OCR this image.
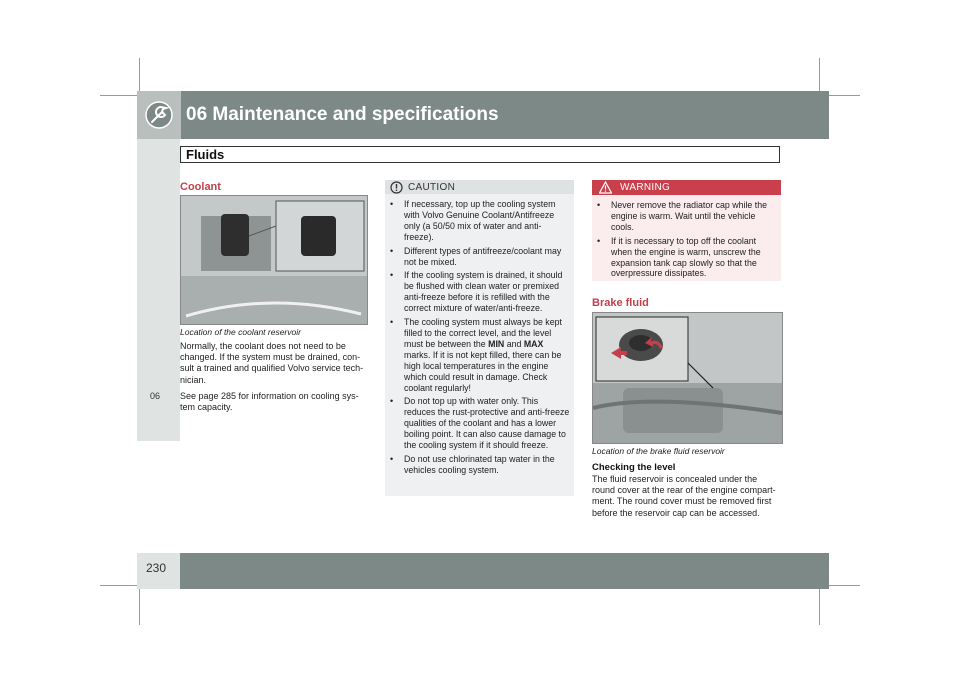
06 Maintenance and specifications
Fluids
06
Coolant
Location of the coolant reservoir
Normally, the coolant does not need to be changed. If the system must be drained, con-sult a trained and qualified Volvo service tech-nician.
See page 285 for information on cooling sys-tem capacity.
CAUTION
• If necessary, top up the cooling system with Volvo Genuine Coolant/Antifreeze only (a 50/50 mix of water and anti-freeze).
• Different types of antifreeze/coolant may not be mixed.
• If the cooling system is drained, it should be flushed with clean water or premixed anti-freeze before it is refilled with the correct mixture of water/anti-freeze.
• The cooling system must always be kept filled to the correct level, and the level must be between the MIN and MAX marks. If it is not kept filled, there can be high local temperatures in the engine which could result in damage. Check coolant regularly!
• Do not top up with water only. This reduces the rust-protective and anti-freeze qualities of the coolant and has a lower boiling point. It can also cause damage to the cooling system if it should freeze.
• Do not use chlorinated tap water in the vehicles cooling system.
WARNING
• Never remove the radiator cap while the engine is warm. Wait until the vehicle cools.
• If it is necessary to top off the coolant when the engine is warm, unscrew the expansion tank cap slowly so that the overpressure dissipates.
Brake fluid
Location of the brake fluid reservoir
Checking the level
The fluid reservoir is concealed under the round cover at the rear of the engine compart-ment. The round cover must be removed first before the reservoir cap can be accessed.
230
